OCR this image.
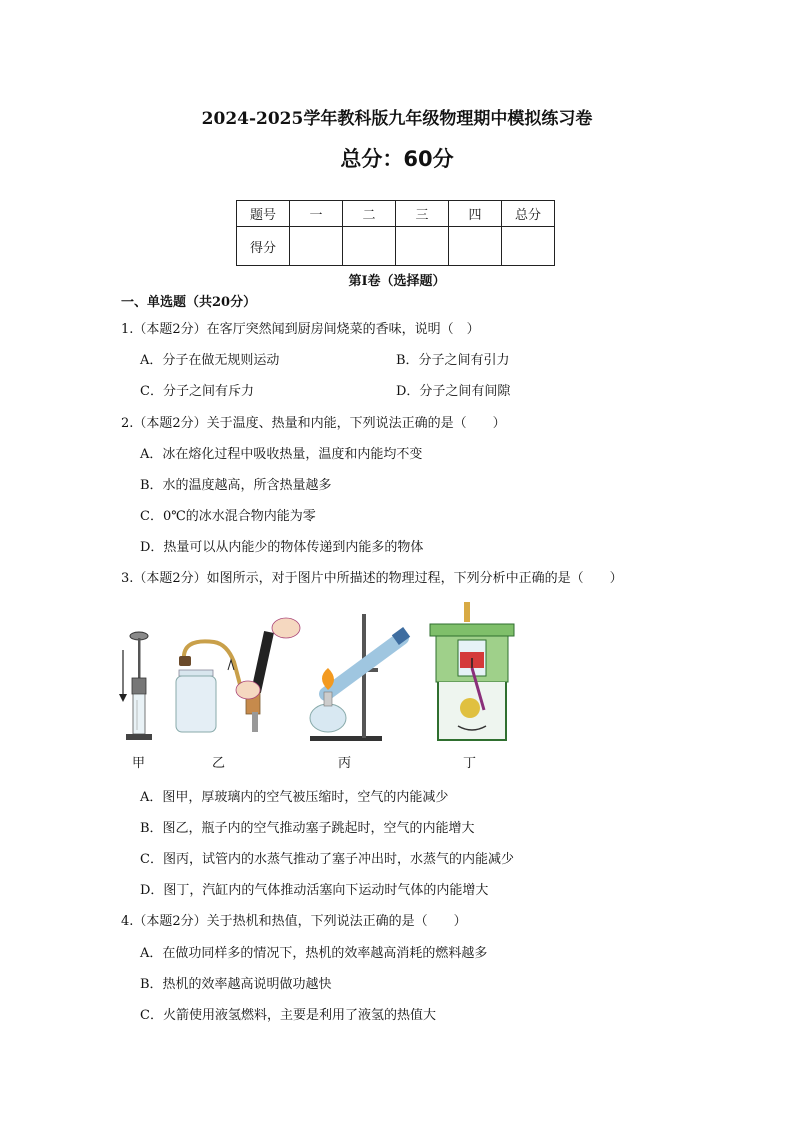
2024-2025学年教科版九年级物理期中模拟练习卷
总分：60分
题号	一	二	三	四	总分
得分					
第Ⅰ卷（选择题）
一、单选题（共20分）
1.（本题2分）在客厅突然闻到厨房间烧菜的香味，说明（　）
A．分子在做无规则运动	B．分子之间有引力
C．分子之间有斥力	D．分子之间有间隙
2.（本题2分）关于温度、热量和内能，下列说法正确的是（　　）
A．冰在熔化过程中吸收热量，温度和内能均不变
B．水的温度越高，所含热量越多
C．0℃的冰水混合物内能为零
D．热量可以从内能少的物体传递到内能多的物体
3.（本题2分）如图所示，对于图片中所描述的物理过程，下列分析中正确的是（　　）
甲	乙	丙	丁
A．图甲，厚玻璃内的空气被压缩时，空气的内能减少
B．图乙，瓶子内的空气推动塞子跳起时，空气的内能增大
C．图丙，试管内的水蒸气推动了塞子冲出时，水蒸气的内能减少
D．图丁，汽缸内的气体推动活塞向下运动时气体的内能增大
4.（本题2分）关于热机和热值，下列说法正确的是（　　）
A．在做功同样多的情况下，热机的效率越高消耗的燃料越多
B．热机的效率越高说明做功越快
C．火箭使用液氢燃料，主要是利用了液氢的热值大
